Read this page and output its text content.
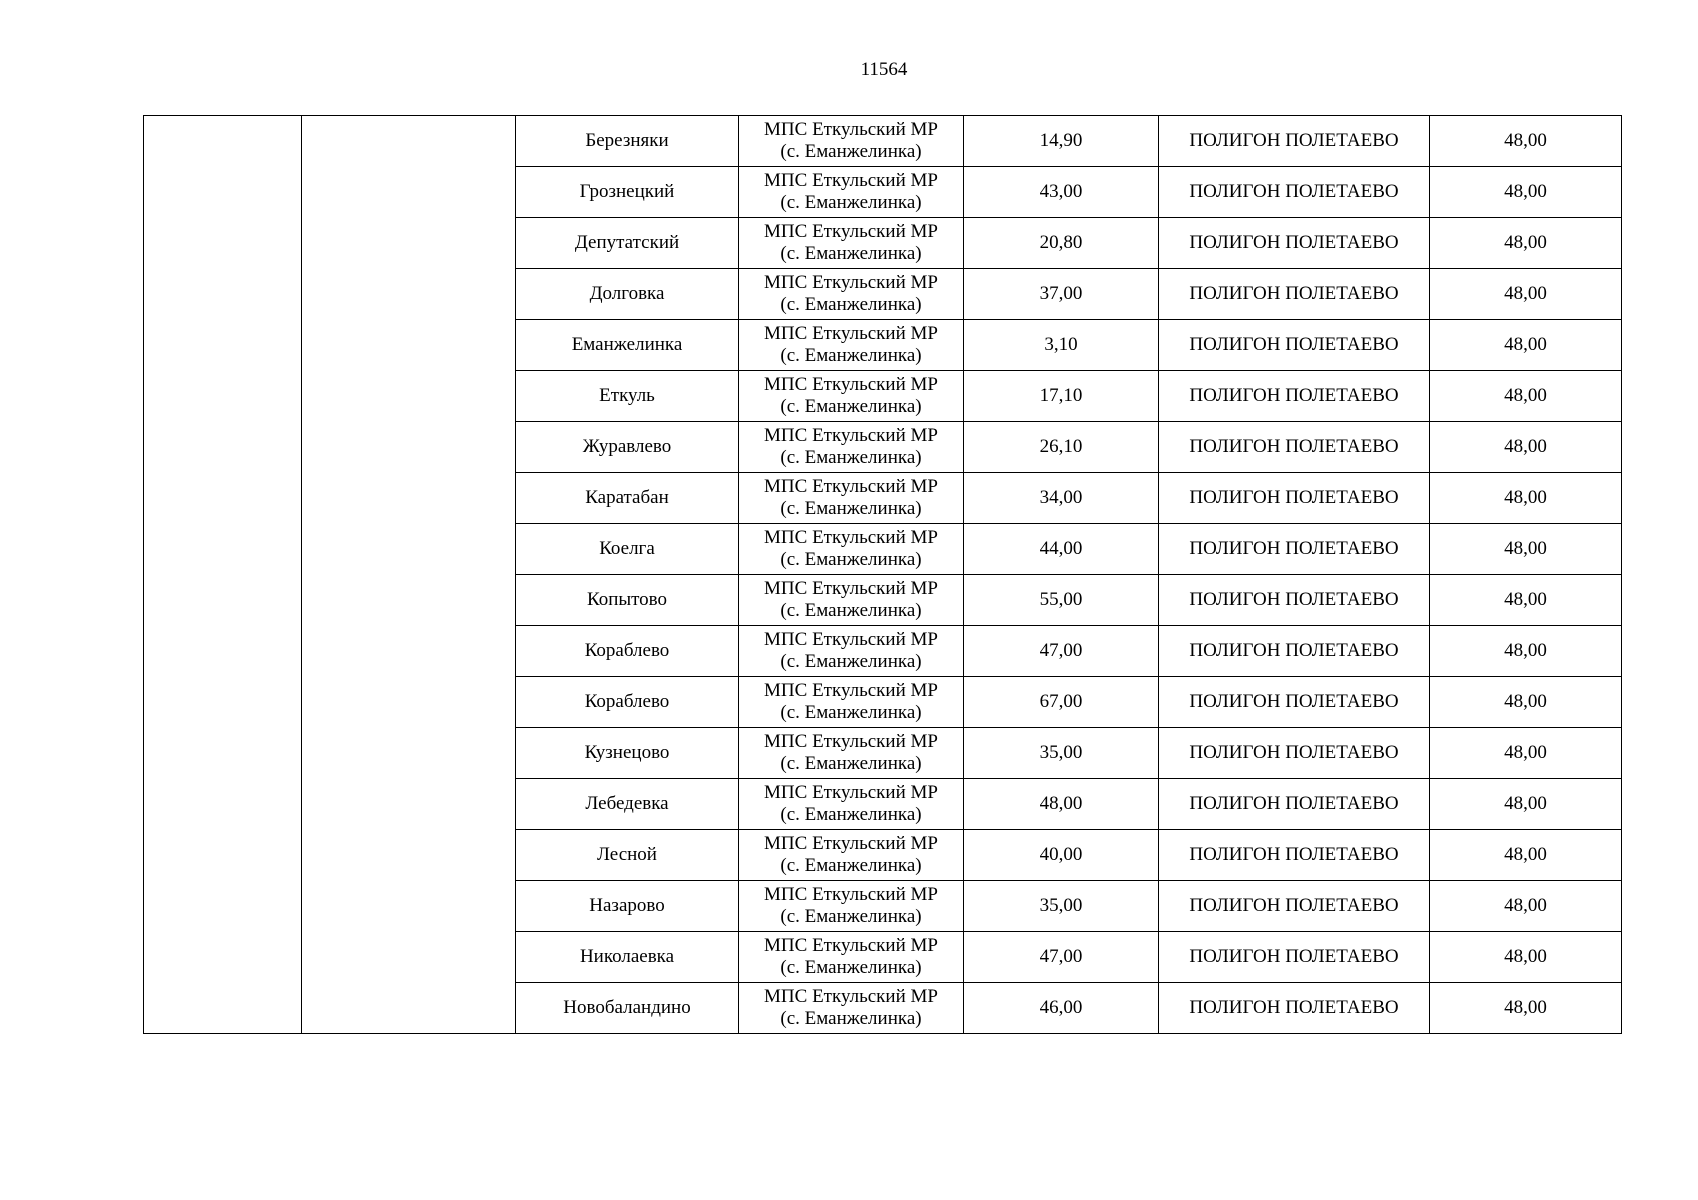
11564
		Березняки	МПС Еткульский МР
(с. Еманжелинка)	14,90	ПОЛИГОН ПОЛЕТАЕВО	48,00
		Грознецкий	МПС Еткульский МР
(с. Еманжелинка)	43,00	ПОЛИГОН ПОЛЕТАЕВО	48,00
		Депутатский	МПС Еткульский МР
(с. Еманжелинка)	20,80	ПОЛИГОН ПОЛЕТАЕВО	48,00
		Долговка	МПС Еткульский МР
(с. Еманжелинка)	37,00	ПОЛИГОН ПОЛЕТАЕВО	48,00
		Еманжелинка	МПС Еткульский МР
(с. Еманжелинка)	3,10	ПОЛИГОН ПОЛЕТАЕВО	48,00
		Еткуль	МПС Еткульский МР
(с. Еманжелинка)	17,10	ПОЛИГОН ПОЛЕТАЕВО	48,00
		Журавлево	МПС Еткульский МР
(с. Еманжелинка)	26,10	ПОЛИГОН ПОЛЕТАЕВО	48,00
		Каратабан	МПС Еткульский МР
(с. Еманжелинка)	34,00	ПОЛИГОН ПОЛЕТАЕВО	48,00
		Коелга	МПС Еткульский МР
(с. Еманжелинка)	44,00	ПОЛИГОН ПОЛЕТАЕВО	48,00
		Копытово	МПС Еткульский МР
(с. Еманжелинка)	55,00	ПОЛИГОН ПОЛЕТАЕВО	48,00
		Кораблево	МПС Еткульский МР
(с. Еманжелинка)	47,00	ПОЛИГОН ПОЛЕТАЕВО	48,00
		Кораблево	МПС Еткульский МР
(с. Еманжелинка)	67,00	ПОЛИГОН ПОЛЕТАЕВО	48,00
		Кузнецово	МПС Еткульский МР
(с. Еманжелинка)	35,00	ПОЛИГОН ПОЛЕТАЕВО	48,00
		Лебедевка	МПС Еткульский МР
(с. Еманжелинка)	48,00	ПОЛИГОН ПОЛЕТАЕВО	48,00
		Лесной	МПС Еткульский МР
(с. Еманжелинка)	40,00	ПОЛИГОН ПОЛЕТАЕВО	48,00
		Назарово	МПС Еткульский МР
(с. Еманжелинка)	35,00	ПОЛИГОН ПОЛЕТАЕВО	48,00
		Николаевка	МПС Еткульский МР
(с. Еманжелинка)	47,00	ПОЛИГОН ПОЛЕТАЕВО	48,00
		Новобаландино	МПС Еткульский МР
(с. Еманжелинка)	46,00	ПОЛИГОН ПОЛЕТАЕВО	48,00
